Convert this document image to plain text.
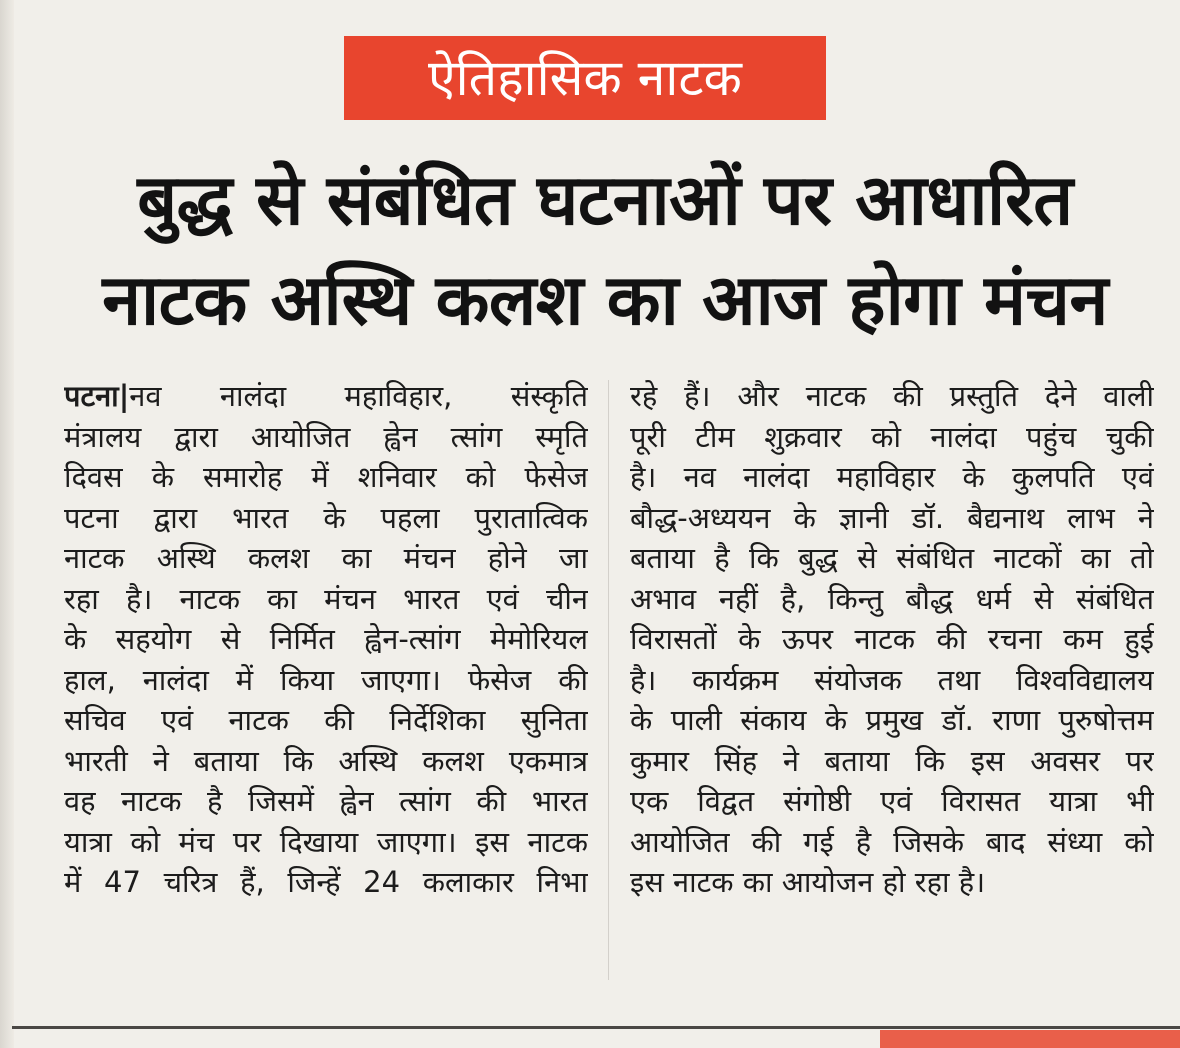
ऐतिहासिक नाटक
बुद्ध से संबंधित घटनाओं पर आधारित
नाटक अस्थि कलश का आज होगा मंचन
पटना|नव नालंदा महाविहार, संस्कृति
मंत्रालय द्वारा आयोजित ह्वेन त्सांग स्मृति
दिवस के समारोह में शनिवार को फेसेज
पटना द्वारा भारत के पहला पुरातात्विक
नाटक अस्थि कलश का मंचन होने जा
रहा है। नाटक का मंचन भारत एवं चीन
के सहयोग से निर्मित ह्वेन-त्सांग मेमोरियल
हाल, नालंदा में किया जाएगा। फेसेज की
सचिव एवं नाटक की निर्देशिका सुनिता
भारती ने बताया कि अस्थि कलश एकमात्र
वह नाटक है जिसमें ह्वेन त्सांग की भारत
यात्रा को मंच पर दिखाया जाएगा। इस नाटक
में 47 चरित्र हैं, जिन्हें 24 कलाकार निभा
रहे हैं। और नाटक की प्रस्तुति देने वाली
पूरी टीम शुक्रवार को नालंदा पहुंच चुकी
है। नव नालंदा महाविहार के कुलपति एवं
बौद्ध-अध्ययन के ज्ञानी डॉ. बैद्यनाथ लाभ ने
बताया है कि बुद्ध से संबंधित नाटकों का तो
अभाव नहीं है, किन्तु बौद्ध धर्म से संबंधित
विरासतों के ऊपर नाटक की रचना कम हुई
है। कार्यक्रम संयोजक तथा विश्वविद्यालय
के पाली संकाय के प्रमुख डॉ. राणा पुरुषोत्तम
कुमार सिंह ने बताया कि इस अवसर पर
एक विद्वत संगोष्ठी एवं विरासत यात्रा भी
आयोजित की गई है जिसके बाद संध्या को
इस नाटक का आयोजन हो रहा है।
